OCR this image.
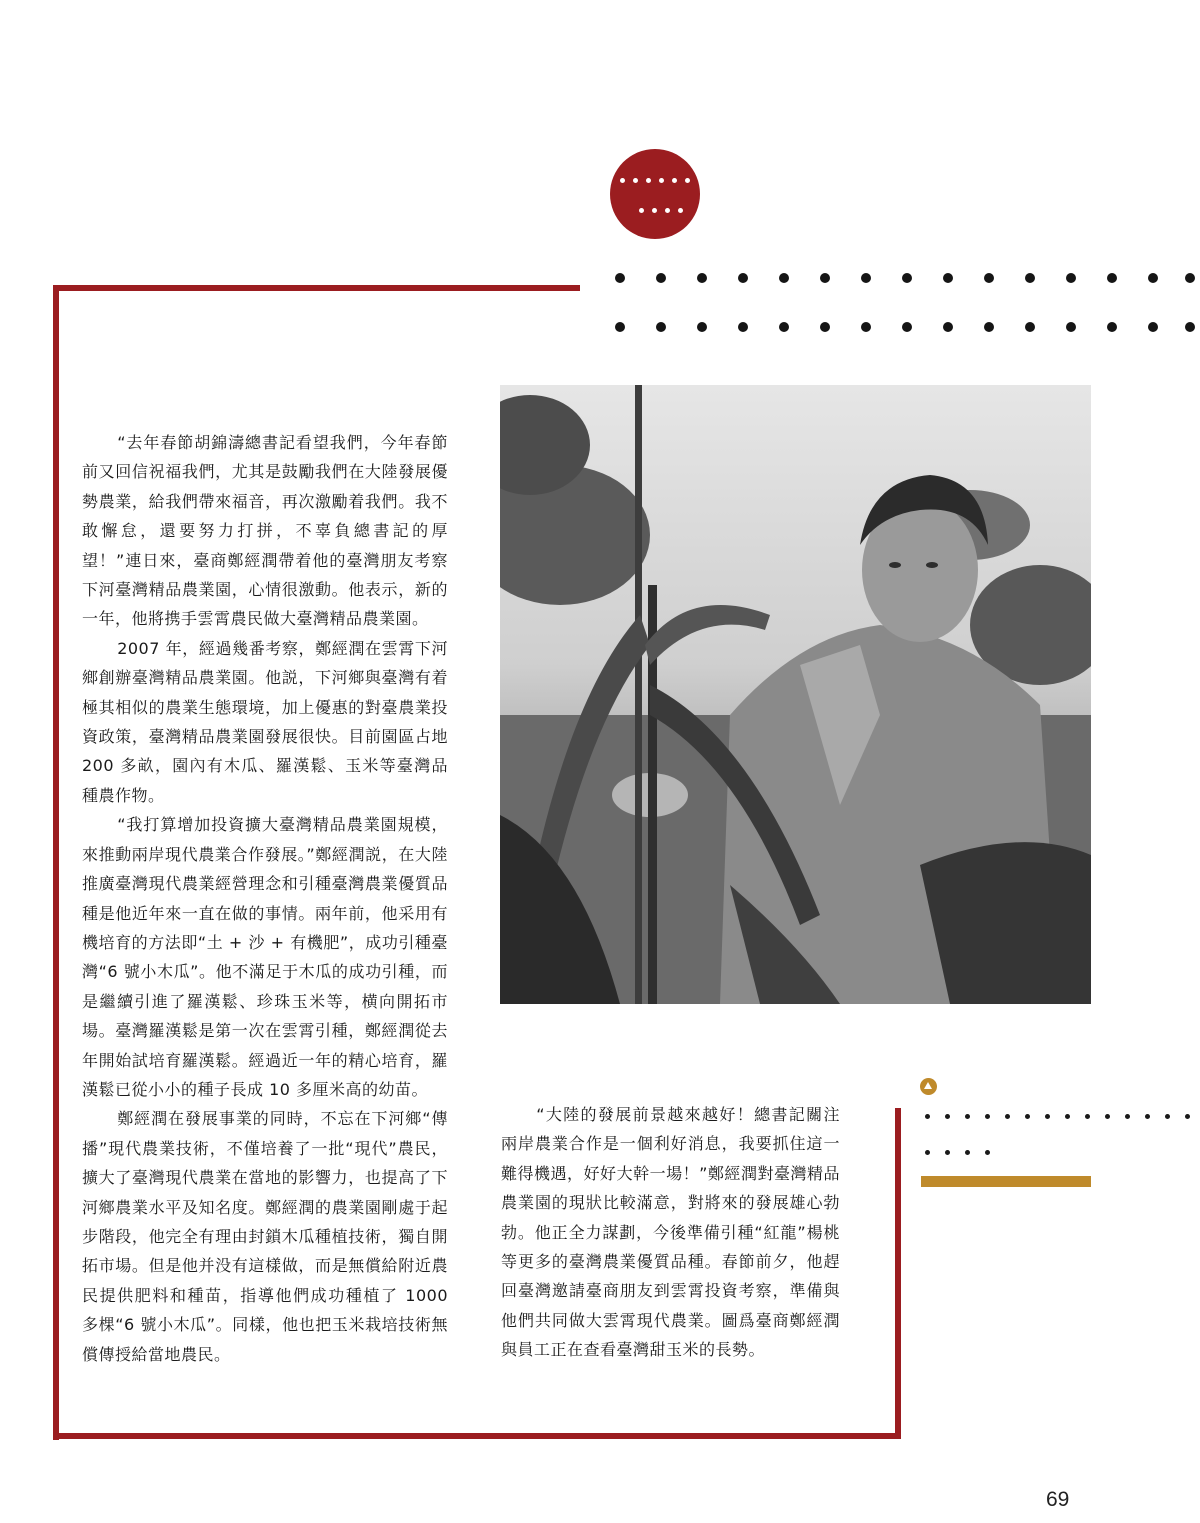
“去年春節胡錦濤總書記看望我們，今年春節前又回信祝福我們，尤其是鼓勵我們在大陸發展優勢農業，給我們帶來福音，再次激勵着我們。我不敢懈怠，還要努力打拼，不辜負總書記的厚望！”連日來，臺商鄭經潤帶着他的臺灣朋友考察下河臺灣精品農業園，心情很激動。他表示，新的一年，他將携手雲霄農民做大臺灣精品農業園。

2007 年，經過幾番考察，鄭經潤在雲霄下河鄉創辦臺灣精品農業園。他説，下河鄉與臺灣有着極其相似的農業生態環境，加上優惠的對臺農業投資政策，臺灣精品農業園發展很快。目前園區占地 200 多畝，園內有木瓜、羅漢鬆、玉米等臺灣品種農作物。

“我打算增加投資擴大臺灣精品農業園規模，來推動兩岸現代農業合作發展。”鄭經潤説，在大陸推廣臺灣現代農業經營理念和引種臺灣農業優質品種是他近年來一直在做的事情。兩年前，他采用有機培育的方法即“土 + 沙 + 有機肥”，成功引種臺灣“6 號小木瓜”。他不滿足于木瓜的成功引種，而是繼續引進了羅漢鬆、珍珠玉米等，横向開拓市場。臺灣羅漢鬆是第一次在雲霄引種，鄭經潤從去年開始試培育羅漢鬆。經過近一年的精心培育，羅漢鬆已從小小的種子長成 10 多厘米高的幼苗。

鄭經潤在發展事業的同時，不忘在下河鄉“傳播”現代農業技術，不僅培養了一批“現代”農民，擴大了臺灣現代農業在當地的影響力，也提高了下河鄉農業水平及知名度。鄭經潤的農業園剛處于起步階段，他完全有理由封鎖木瓜種植技術，獨自開拓市場。但是他并没有這樣做，而是無償給附近農民提供肥料和種苗，指導他們成功種植了 1000 多棵“6 號小木瓜”。同樣，他也把玉米栽培技術無償傳授給當地農民。

“大陸的發展前景越來越好！總書記關注兩岸農業合作是一個利好消息，我要抓住這一難得機遇，好好大幹一場！”鄭經潤對臺灣精品農業園的現狀比較滿意，對將來的發展雄心勃勃。他正全力謀劃，今後準備引種“紅龍”楊桃等更多的臺灣農業優質品種。春節前夕，他趕回臺灣邀請臺商朋友到雲霄投資考察，準備與他們共同做大雲霄現代農業。圖爲臺商鄭經潤與員工正在查看臺灣甜玉米的長勢。

69
